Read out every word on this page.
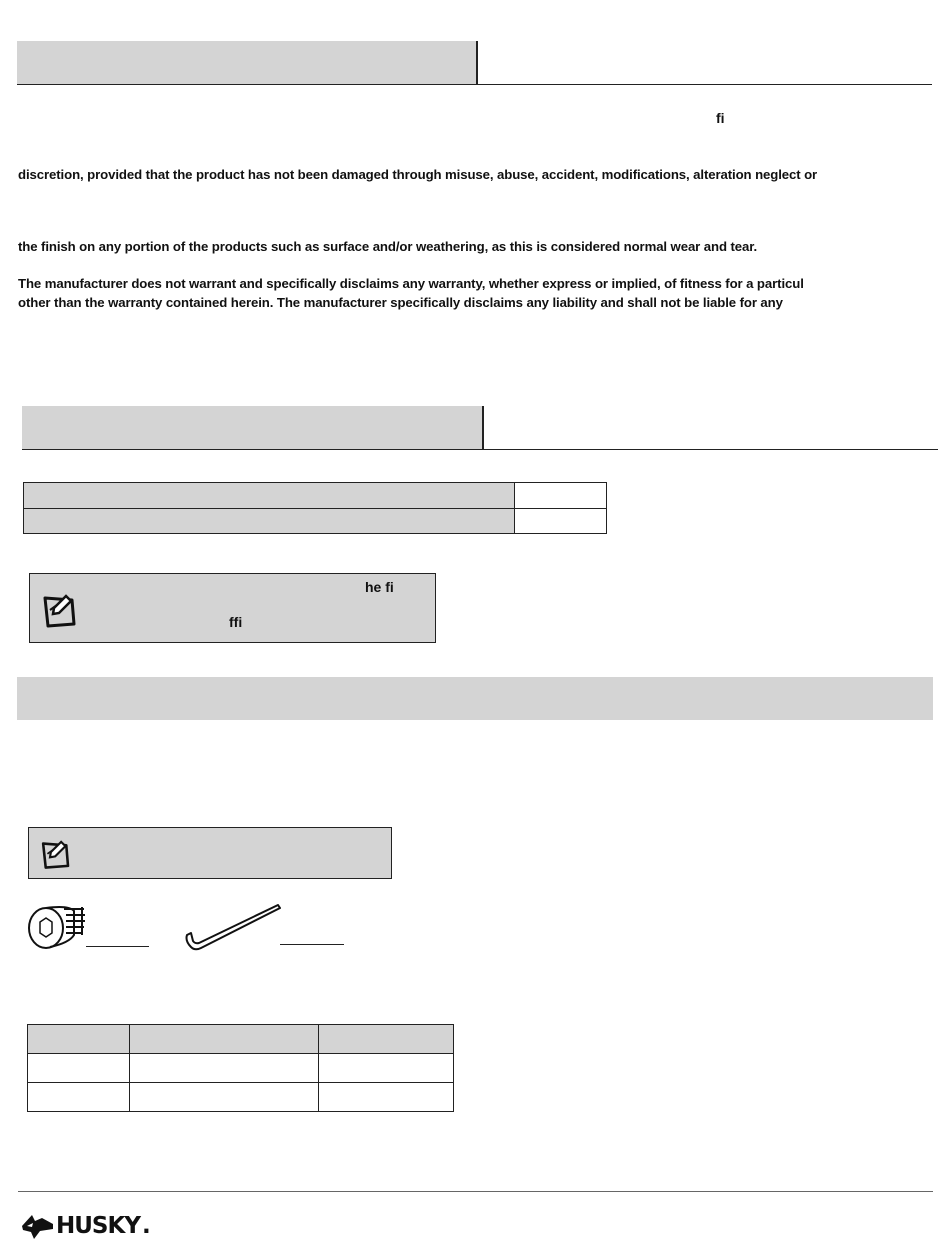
fi
discretion, provided that the product has not been damaged through misuse, abuse, accident, modifications, alteration neglect or
the finish on any portion of the products such as surface and/or weathering, as this is considered normal wear and tear.
The manufacturer does not warrant and specifically disclaims any warranty, whether express or implied, of fitness for a particul
other than the warranty contained herein. The manufacturer specifically disclaims any liability and shall not be liable for any

he fi
ffi

HUSKY .
